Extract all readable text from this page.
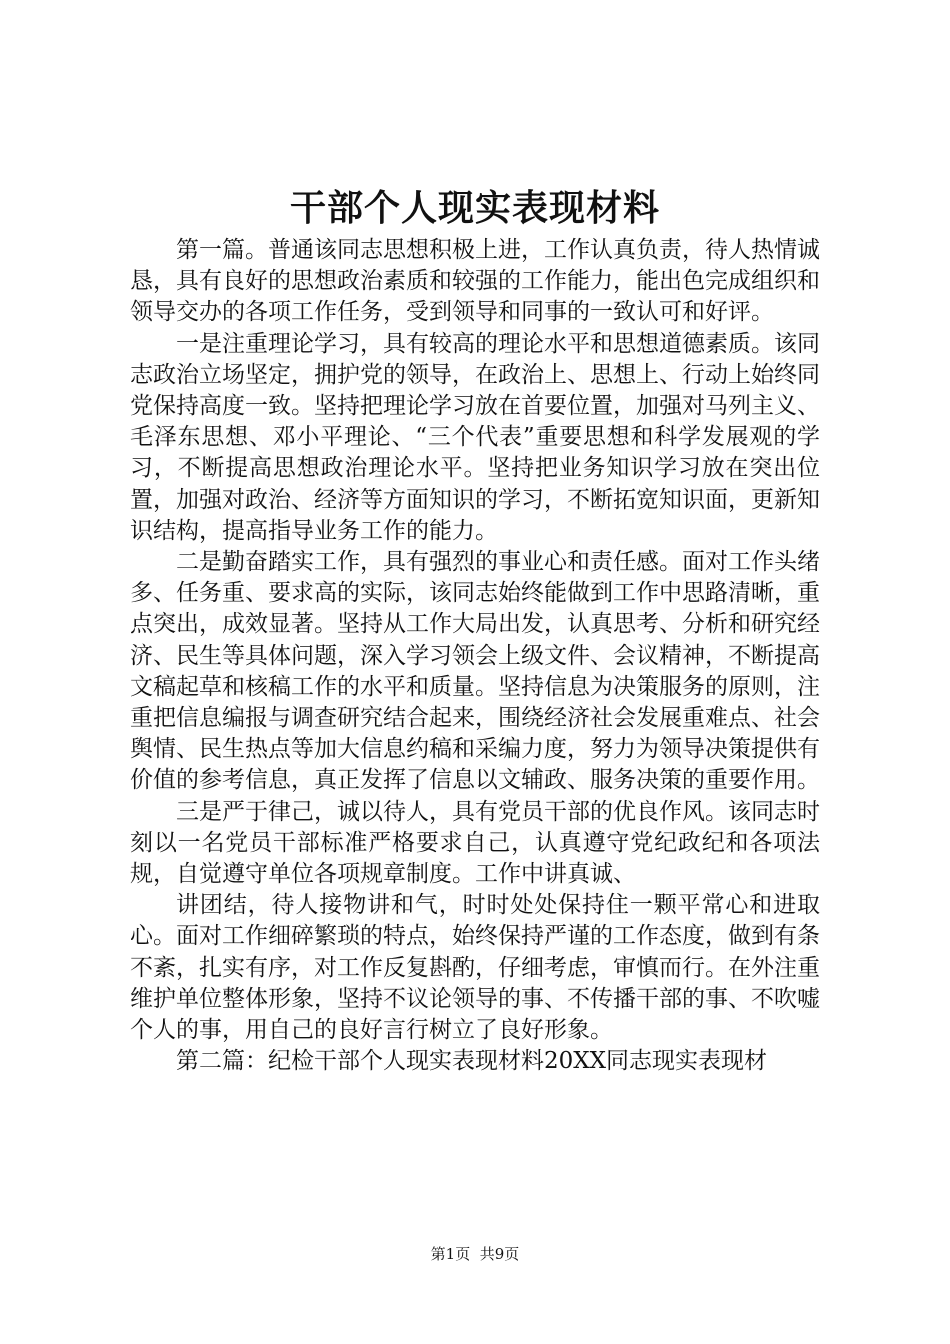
干部个人现实表现材料

第一篇。普通该同志思想积极上进，工作认真负责，待人热情诚恳，具有良好的思想政治素质和较强的工作能力，能出色完成组织和领导交办的各项工作任务，受到领导和同事的一致认可和好评。

一是注重理论学习，具有较高的理论水平和思想道德素质。该同志政治立场坚定，拥护党的领导，在政治上、思想上、行动上始终同党保持高度一致。坚持把理论学习放在首要位置，加强对马列主义、毛泽东思想、邓小平理论、“三个代表”重要思想和科学发展观的学习，不断提高思想政治理论水平。坚持把业务知识学习放在突出位置，加强对政治、经济等方面知识的学习，不断拓宽知识面，更新知识结构，提高指导业务工作的能力。

二是勤奋踏实工作，具有强烈的事业心和责任感。面对工作头绪多、任务重、要求高的实际，该同志始终能做到工作中思路清晰，重点突出，成效显著。坚持从工作大局出发，认真思考、分析和研究经济、民生等具体问题，深入学习领会上级文件、会议精神，不断提高文稿起草和核稿工作的水平和质量。坚持信息为决策服务的原则，注重把信息编报与调查研究结合起来，围绕经济社会发展重难点、社会舆情、民生热点等加大信息约稿和采编力度，努力为领导决策提供有价值的参考信息，真正发挥了信息以文辅政、服务决策的重要作用。

三是严于律己，诚以待人，具有党员干部的优良作风。该同志时刻以一名党员干部标准严格要求自己，认真遵守党纪政纪和各项法规，自觉遵守单位各项规章制度。工作中讲真诚、

讲团结，待人接物讲和气，时时处处保持住一颗平常心和进取心。面对工作细碎繁琐的特点，始终保持严谨的工作态度，做到有条不紊，扎实有序，对工作反复斟酌，仔细考虑，审慎而行。在外注重维护单位整体形象，坚持不议论领导的事、不传播干部的事、不吹嘘个人的事，用自己的良好言行树立了良好形象。

第二篇：纪检干部个人现实表现材料20XX同志现实表现材

第1页 共9页
